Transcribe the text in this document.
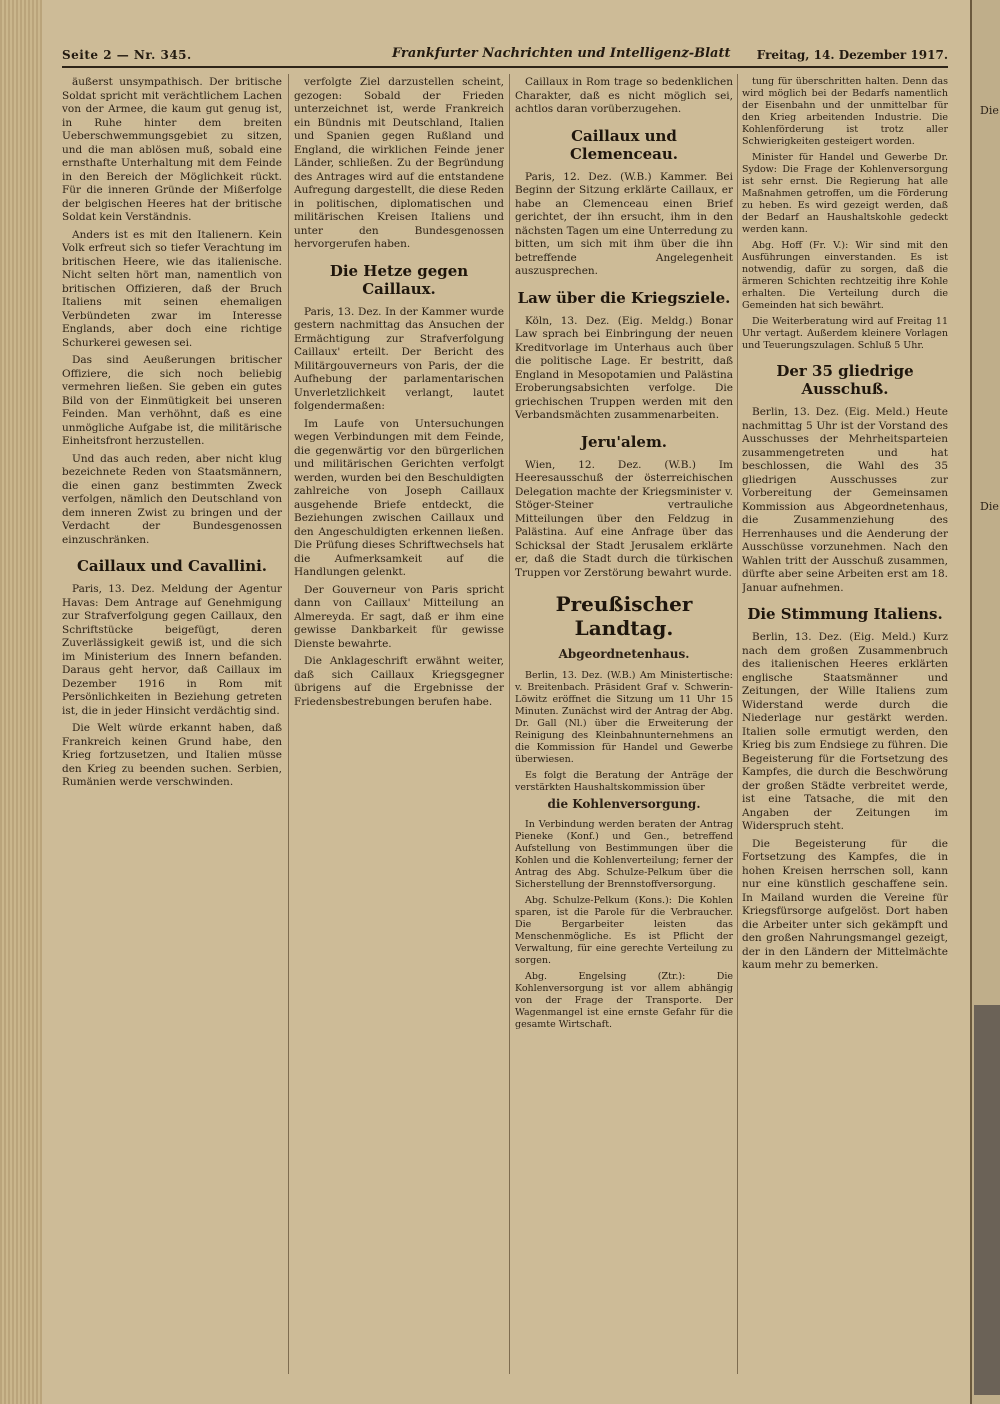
Seite 2 — Nr. 345.	Frankfurter Nachrichten und Intelligenz-Blatt Freitag, 14. Dezember 1917.

äußerst unsympathisch. Der britische Soldat spricht mit verächtlichem Lachen von der Armee, die kaum gut genug ist, in Ruhe hinter dem breiten Ueberschwemmungsgebiet zu sitzen, und die man ablösen muß, sobald eine ernsthafte Unterhaltung mit dem Feinde in den Bereich der Möglichkeit rückt. Für die inneren Gründe der Mißerfolge der belgischen Heeres hat der britische Soldat kein Verständnis.

Anders ist es mit den Italienern. Kein Volk erfreut sich so tiefer Verachtung im britischen Heere, wie das italienische. Nicht selten hört man, namentlich von britischen Offizieren, daß der Bruch Italiens mit seinen ehemaligen Verbündeten zwar im Interesse Englands, aber doch eine richtige Schurkerei gewesen sei.

Das sind Aeußerungen britischer Offiziere, die sich noch beliebig vermehren ließen. Sie geben ein gutes Bild von der Einmütigkeit bei unseren Feinden. Man verhöhnt, daß es eine unmögliche Aufgabe ist, die militärische Einheitsfront herzustellen.

Und das auch reden, aber nicht klug bezeichnete Reden von Staatsmännern, die einen ganz bestimmten Zweck verfolgen, nämlich den Deutschland von dem inneren Zwist zu bringen und der Verdacht der Bundesgenossen einzuschränken.

Caillaux und Cavallini.

Paris, 13. Dez. Meldung der Agentur Havas: Dem Antrage auf Genehmigung zur Strafverfolgung gegen Caillaux, den Schriftstücke beigefügt, deren Zuverlässigkeit gewiß ist, und die sich im Ministerium des Innern befanden. Daraus geht hervor, daß Caillaux im Dezember 1916 in Rom mit Persönlichkeiten in Beziehung getreten ist, die in jeder Hinsicht verdächtig sind.

Die Welt würde erkannt haben, daß Frankreich keinen Grund habe, den Krieg fortzusetzen, und Italien müsse den Krieg zu beenden suchen. Serbien, Rumänien werde verschwinden.

verfolgte Ziel darzustellen scheint, gezogen: Sobald der Frieden unterzeichnet ist, werde Frankreich ein Bündnis mit Deutschland, Italien und Spanien gegen Rußland und England, die wirklichen Feinde jener Länder, schließen. Zu der Begründung des Antrages wird auf die entstandene Aufregung dargestellt, die diese Reden in politischen, diplomatischen und militärischen Kreisen Italiens und unter den Bundesgenossen hervorgerufen haben.

Die Hetze gegen Caillaux.

Paris, 13. Dez. In der Kammer wurde gestern nachmittag das Ansuchen der Ermächtigung zur Strafverfolgung Caillaux' erteilt. Der Bericht des Militärgouverneurs von Paris, der die Aufhebung der parlamentarischen Unverletzlichkeit verlangt, lautet folgendermaßen:

Im Laufe von Untersuchungen wegen Verbindungen mit dem Feinde, die gegenwärtig vor den bürgerlichen und militärischen Gerichten verfolgt werden, wurden bei den Beschuldigten zahlreiche von Joseph Caillaux ausgehende Briefe entdeckt, die Beziehungen zwischen Caillaux und den Angeschuldigten erkennen ließen. Die Prüfung dieses Schriftwechsels hat die Aufmerksamkeit auf die Handlungen gelenkt.

Der Gouverneur von Paris spricht dann von Caillaux' Mitteilung an Almereyda. Er sagt, daß er ihm eine gewisse Dankbarkeit für gewisse Dienste bewahrte.

Die Anklageschrift erwähnt weiter, daß sich Caillaux Kriegsgegner übrigens auf die Ergebnisse der Friedensbestrebungen berufen habe.

Caillaux in Rom trage so bedenklichen Charakter, daß es nicht möglich sei, achtlos daran vorüberzugehen.

Caillaux und Clemenceau.

Paris, 12. Dez. (W.B.) Kammer. Bei Beginn der Sitzung erklärte Caillaux, er habe an Clemenceau einen Brief gerichtet, der ihn ersucht, ihm in den nächsten Tagen um eine Unterredung zu bitten, um sich mit ihm über die ihn betreffende Angelegenheit auszusprechen.

Law über die Kriegsziele.

Köln, 13. Dez. (Eig. Meldg.) Bonar Law sprach bei Einbringung der neuen Kreditvorlage im Unterhaus auch über die politische Lage. Er bestritt, daß England in Mesopotamien und Palästina Eroberungsabsichten verfolge. Die griechischen Truppen werden mit den Verbandsmächten zusammenarbeiten.

Jeru'alem.

Wien, 12. Dez. (W.B.) Im Heeresausschuß der österreichischen Delegation machte der Kriegsminister v. Stöger-Steiner vertrauliche Mitteilungen über den Feldzug in Palästina. Auf eine Anfrage über das Schicksal der Stadt Jerusalem erklärte er, daß die Stadt durch die türkischen Truppen vor Zerstörung bewahrt wurde.

Preußischer Landtag.
Abgeordnetenhaus.

Berlin, 13. Dez. (W.B.) Am Ministertische: v. Breitenbach. Präsident Graf v. Schwerin-Löwitz eröffnet die Sitzung um 11 Uhr 15 Minuten. Zunächst wird der Antrag der Abg. Dr. Gall (Nl.) über die Erweiterung der Reinigung des Kleinbahnunternehmens an die Kommission für Handel und Gewerbe überwiesen.

Es folgt die Beratung der Anträge der verstärkten Haushaltskommission über

die Kohlenversorgung.

In Verbindung werden beraten der Antrag Pieneke (Konf.) und Gen., betreffend Aufstellung von Bestimmungen über die Kohlen und die Kohlenverteilung; ferner der Antrag des Abg. Schulze-Pelkum über die Sicherstellung der Brennstoffversorgung.

Abg. Schulze-Pelkum (Kons.): Die Kohlen sparen, ist die Parole für die Verbraucher. Die Bergarbeiter leisten das Menschenmögliche. Es ist Pflicht der Verwaltung, für eine gerechte Verteilung zu sorgen.

Abg. Engelsing (Ztr.): Die Kohlenversorgung ist vor allem abhängig von der Frage der Transporte. Der Wagenmangel ist eine ernste Gefahr für die gesamte Wirtschaft.

tung für überschritten halten. Denn das wird möglich bei der Bedarfs namentlich der Eisenbahn und der unmittelbar für den Krieg arbeitenden Industrie. Die Kohlenförderung ist trotz aller Schwierigkeiten gesteigert worden.

Minister für Handel und Gewerbe Dr. Sydow: Die Frage der Kohlenversorgung ist sehr ernst. Die Regierung hat alle Maßnahmen getroffen, um die Förderung zu heben. Es wird gezeigt werden, daß der Bedarf an Haushaltskohle gedeckt werden kann.

Abg. Hoff (Fr. V.): Wir sind mit den Ausführungen einverstanden. Es ist notwendig, dafür zu sorgen, daß die ärmeren Schichten rechtzeitig ihre Kohle erhalten. Die Verteilung durch die Gemeinden hat sich bewährt.

Die Weiterberatung wird auf Freitag 11 Uhr vertagt. Außerdem kleinere Vorlagen und Teuerungszulagen. Schluß 5 Uhr.

Der 35 gliedrige Ausschuß.

Berlin, 13. Dez. (Eig. Meld.) Heute nachmittag 5 Uhr ist der Vorstand des Ausschusses der Mehrheitsparteien zusammengetreten und hat beschlossen, die Wahl des 35 gliedrigen Ausschusses zur Vorbereitung der Gemeinsamen Kommission aus Abgeordnetenhaus, die Zusammenziehung des Herrenhauses und die Aenderung der Ausschüsse vorzunehmen. Nach den Wahlen tritt der Ausschuß zusammen, dürfte aber seine Arbeiten erst am 18. Januar aufnehmen.

Die Stimmung Italiens.

Berlin, 13. Dez. (Eig. Meld.) Kurz nach dem großen Zusammenbruch des italienischen Heeres erklärten englische Staatsmänner und Zeitungen, der Wille Italiens zum Widerstand werde durch die Niederlage nur gestärkt werden. Italien solle ermutigt werden, den Krieg bis zum Endsiege zu führen. Die Begeisterung für die Fortsetzung des Kampfes, die durch die Beschwörung der großen Städte verbreitet werde, ist eine Tatsache, die mit den Angaben der Zeitungen im Widerspruch steht.

Die Begeisterung für die Fortsetzung des Kampfes, die in hohen Kreisen herrschen soll, kann nur eine künstlich geschaffene sein. In Mailand wurden die Vereine für Kriegsfürsorge aufgelöst. Dort haben die Arbeiter unter sich gekämpft und den großen Nahrungsmangel gezeigt, der in den Ländern der Mittelmächte kaum mehr zu bemerken.

Die
Die
